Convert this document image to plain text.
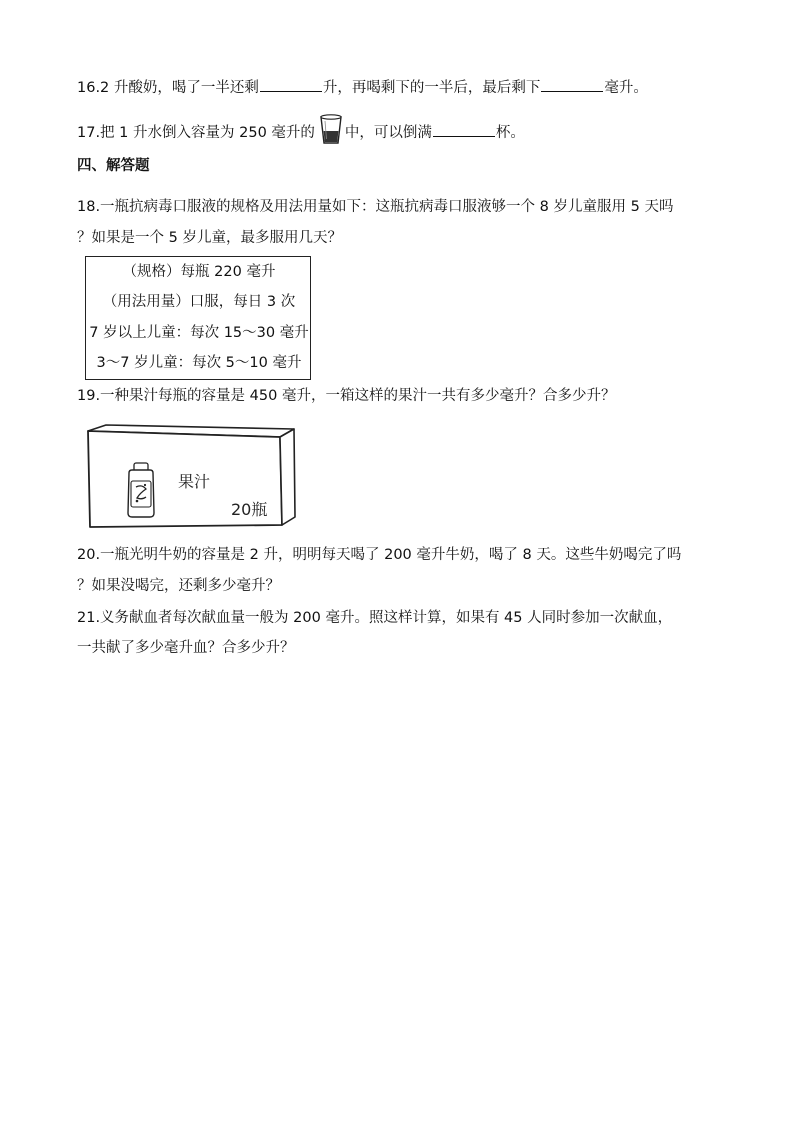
16.2 升酸奶，喝了一半还剩	升，再喝剩下的一半后，最后剩下	毫升。
17.把 1 升水倒入容量为 250 毫升的 中，可以倒满	杯。
四、解答题
18.一瓶抗病毒口服液的规格及用法用量如下：这瓶抗病毒口服液够一个 8 岁儿童服用 5 天吗
？如果是一个 5 岁儿童，最多服用几天？
（规格）每瓶 220 毫升
（用法用量）口服，每日 3 次
7 岁以上儿童：每次 15～30 毫升
3～7 岁儿童：每次 5～10 毫升
19.一种果汁每瓶的容量是 450 毫升，一箱这样的果汁一共有多少毫升？合多少升？
果汁
20瓶
20.一瓶光明牛奶的容量是 2 升，明明每天喝了 200 毫升牛奶，喝了 8 天。这些牛奶喝完了吗
？如果没喝完，还剩多少毫升？
21.义务献血者每次献血量一般为 200 毫升。照这样计算，如果有 45 人同时参加一次献血，
一共献了多少毫升血？合多少升？
